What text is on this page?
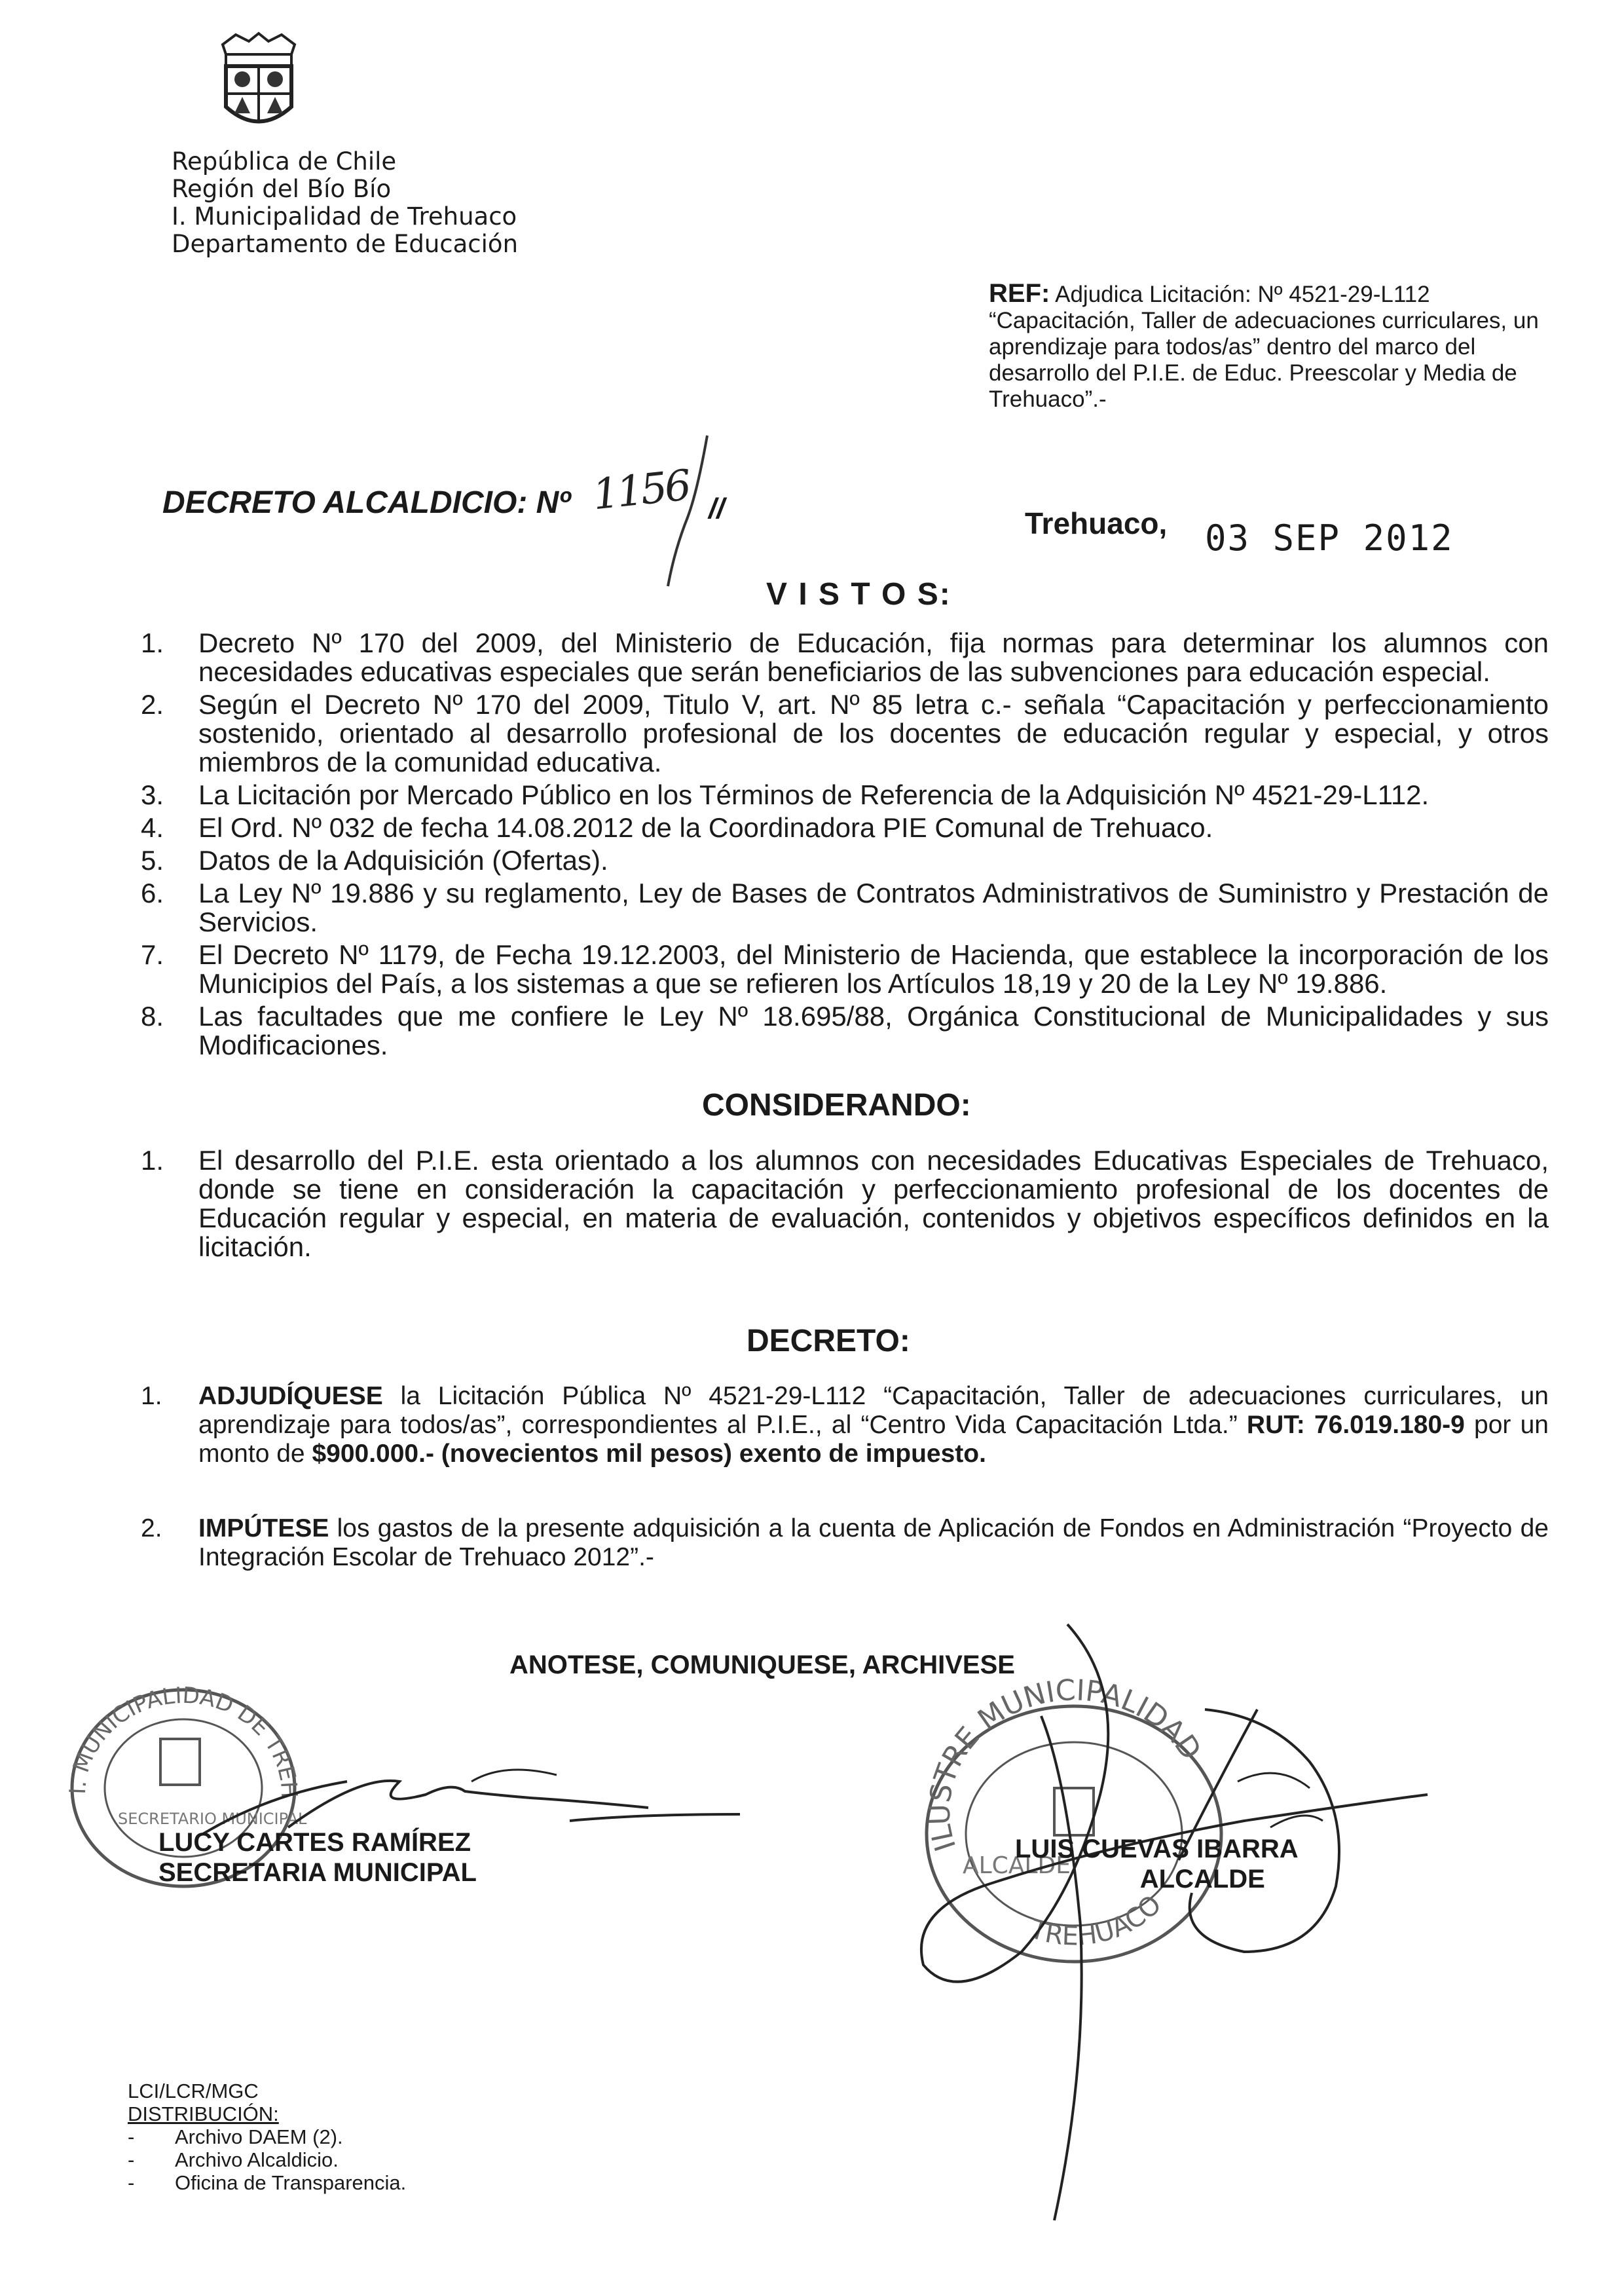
República de Chile
Región del Bío Bío
I. Municipalidad de Trehuaco
Departamento de Educación
REF: Adjudica Licitación: Nº 4521-29-L112 “Capacitación, Taller de adecuaciones curriculares, un aprendizaje para todos/as” dentro del marco del desarrollo del P.I.E. de Educ. Preescolar y Media de Trehuaco”.-
DECRETO ALCALDICIO: Nº 1156 //	Trehuaco, 03 SEP 2012
V I S T O S:
1. Decreto Nº 170 del 2009, del Ministerio de Educación, fija normas para determinar los alumnos con necesidades educativas especiales que serán beneficiarios de las subvenciones para educación especial.
2. Según el Decreto Nº 170 del 2009, Titulo V, art. Nº 85 letra c.- señala “Capacitación y perfeccionamiento sostenido, orientado al desarrollo profesional de los docentes de educación regular y especial, y otros miembros de la comunidad educativa.
3. La Licitación por Mercado Público en los Términos de Referencia de la Adquisición Nº 4521-29-L112.
4. El Ord. Nº 032 de fecha 14.08.2012 de la Coordinadora PIE Comunal de Trehuaco.
5. Datos de la Adquisición (Ofertas).
6. La Ley Nº 19.886 y su reglamento, Ley de Bases de Contratos Administrativos de Suministro y Prestación de Servicios.
7. El Decreto Nº 1179, de Fecha 19.12.2003, del Ministerio de Hacienda, que establece la incorporación de los Municipios del País, a los sistemas a que se refieren los Artículos 18,19 y 20 de la Ley Nº 19.886.
8. Las facultades que me confiere le Ley Nº 18.695/88, Orgánica Constitucional de Municipalidades y sus Modificaciones.
CONSIDERANDO:
1. El desarrollo del P.I.E. esta orientado a los alumnos con necesidades Educativas Especiales de Trehuaco, donde se tiene en consideración la capacitación y perfeccionamiento profesional de los docentes de Educación regular y especial, en materia de evaluación, contenidos y objetivos específicos definidos en la licitación.
DECRETO:
1. ADJUDÍQUESE la Licitación Pública Nº 4521-29-L112 “Capacitación, Taller de adecuaciones curriculares, un aprendizaje para todos/as”, correspondientes al P.I.E., al “Centro Vida Capacitación Ltda.” RUT: 76.019.180-9 por un monto de $900.000.- (novecientos mil pesos) exento de impuesto.
2. IMPÚTESE los gastos de la presente adquisición a la cuenta de Aplicación de Fondos en Administración “Proyecto de Integración Escolar de Trehuaco 2012”.-
ANOTESE, COMUNIQUESE, ARCHIVESE
I. MUNICIPALIDAD DE TREHUACO
SECRETARIO MUNICIPAL
ILUSTRE MUNICIPALIDAD
TREHUACO
ALCALDE
LUCY CARTES RAMÍREZ
SECRETARIA MUNICIPAL
LUIS CUEVAS IBARRA
ALCALDE
LCI/LCR/MGC
DISTRIBUCIÓN:
- Archivo DAEM (2).
- Archivo Alcaldicio.
- Oficina de Transparencia.
